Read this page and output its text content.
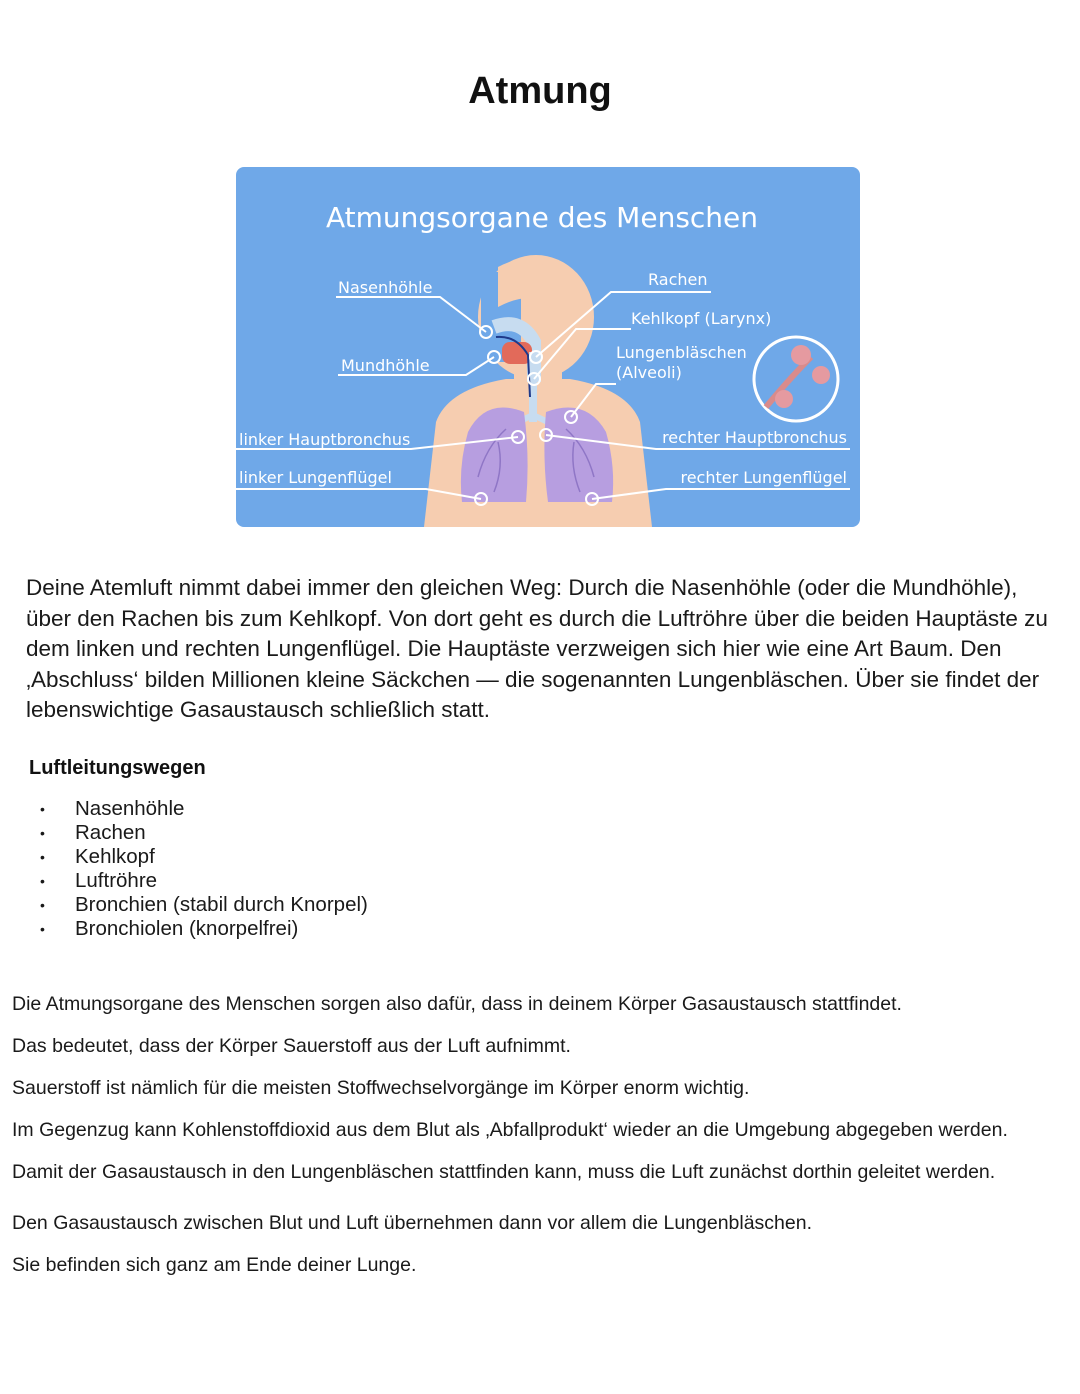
Atmung
Atmungsorgane des Menschen
Nasenhöhle
Mundhöhle
linker Hauptbronchus
linker Lungenflügel
Rachen
Kehlkopf (Larynx)
Lungenbläschen
(Alveoli)
rechter Hauptbronchus
rechter Lungenflügel

Deine Atemluft nimmt dabei immer den gleichen Weg: Durch die Nasenhöhle (oder die Mundhöhle), über den Rachen bis zum Kehlkopf. Von dort geht es durch die Luftröhre über die beiden Hauptäste zu dem linken und rechten Lungenflügel. Die Hauptäste verzweigen sich hier wie eine Art Baum. Den ‚Abschluss‘ bilden Millionen kleine Säckchen — die sogenannten Lungenbläschen. Über sie findet der lebenswichtige Gasaustausch schließlich statt.

Luftleitungswegen
• Nasenhöhle
• Rachen
• Kehlkopf
• Luftröhre
• Bronchien (stabil durch Knorpel)
• Bronchiolen (knorpelfrei)
Die Atmungsorgane des Menschen sorgen also dafür, dass in deinem Körper Gasaustausch stattfindet.
Das bedeutet, dass der Körper Sauerstoff aus der Luft aufnimmt.
Sauerstoff ist nämlich für die meisten Stoffwechselvorgänge im Körper enorm wichtig.
Im Gegenzug kann Kohlenstoffdioxid aus dem Blut als ‚Abfallprodukt‘ wieder an die Umgebung abgegeben werden.
Damit der Gasaustausch in den Lungenbläschen stattfinden kann, muss die Luft zunächst dorthin geleitet werden.
Den Gasaustausch zwischen Blut und Luft übernehmen dann vor allem die Lungenbläschen.
Sie befinden sich ganz am Ende deiner Lunge.
